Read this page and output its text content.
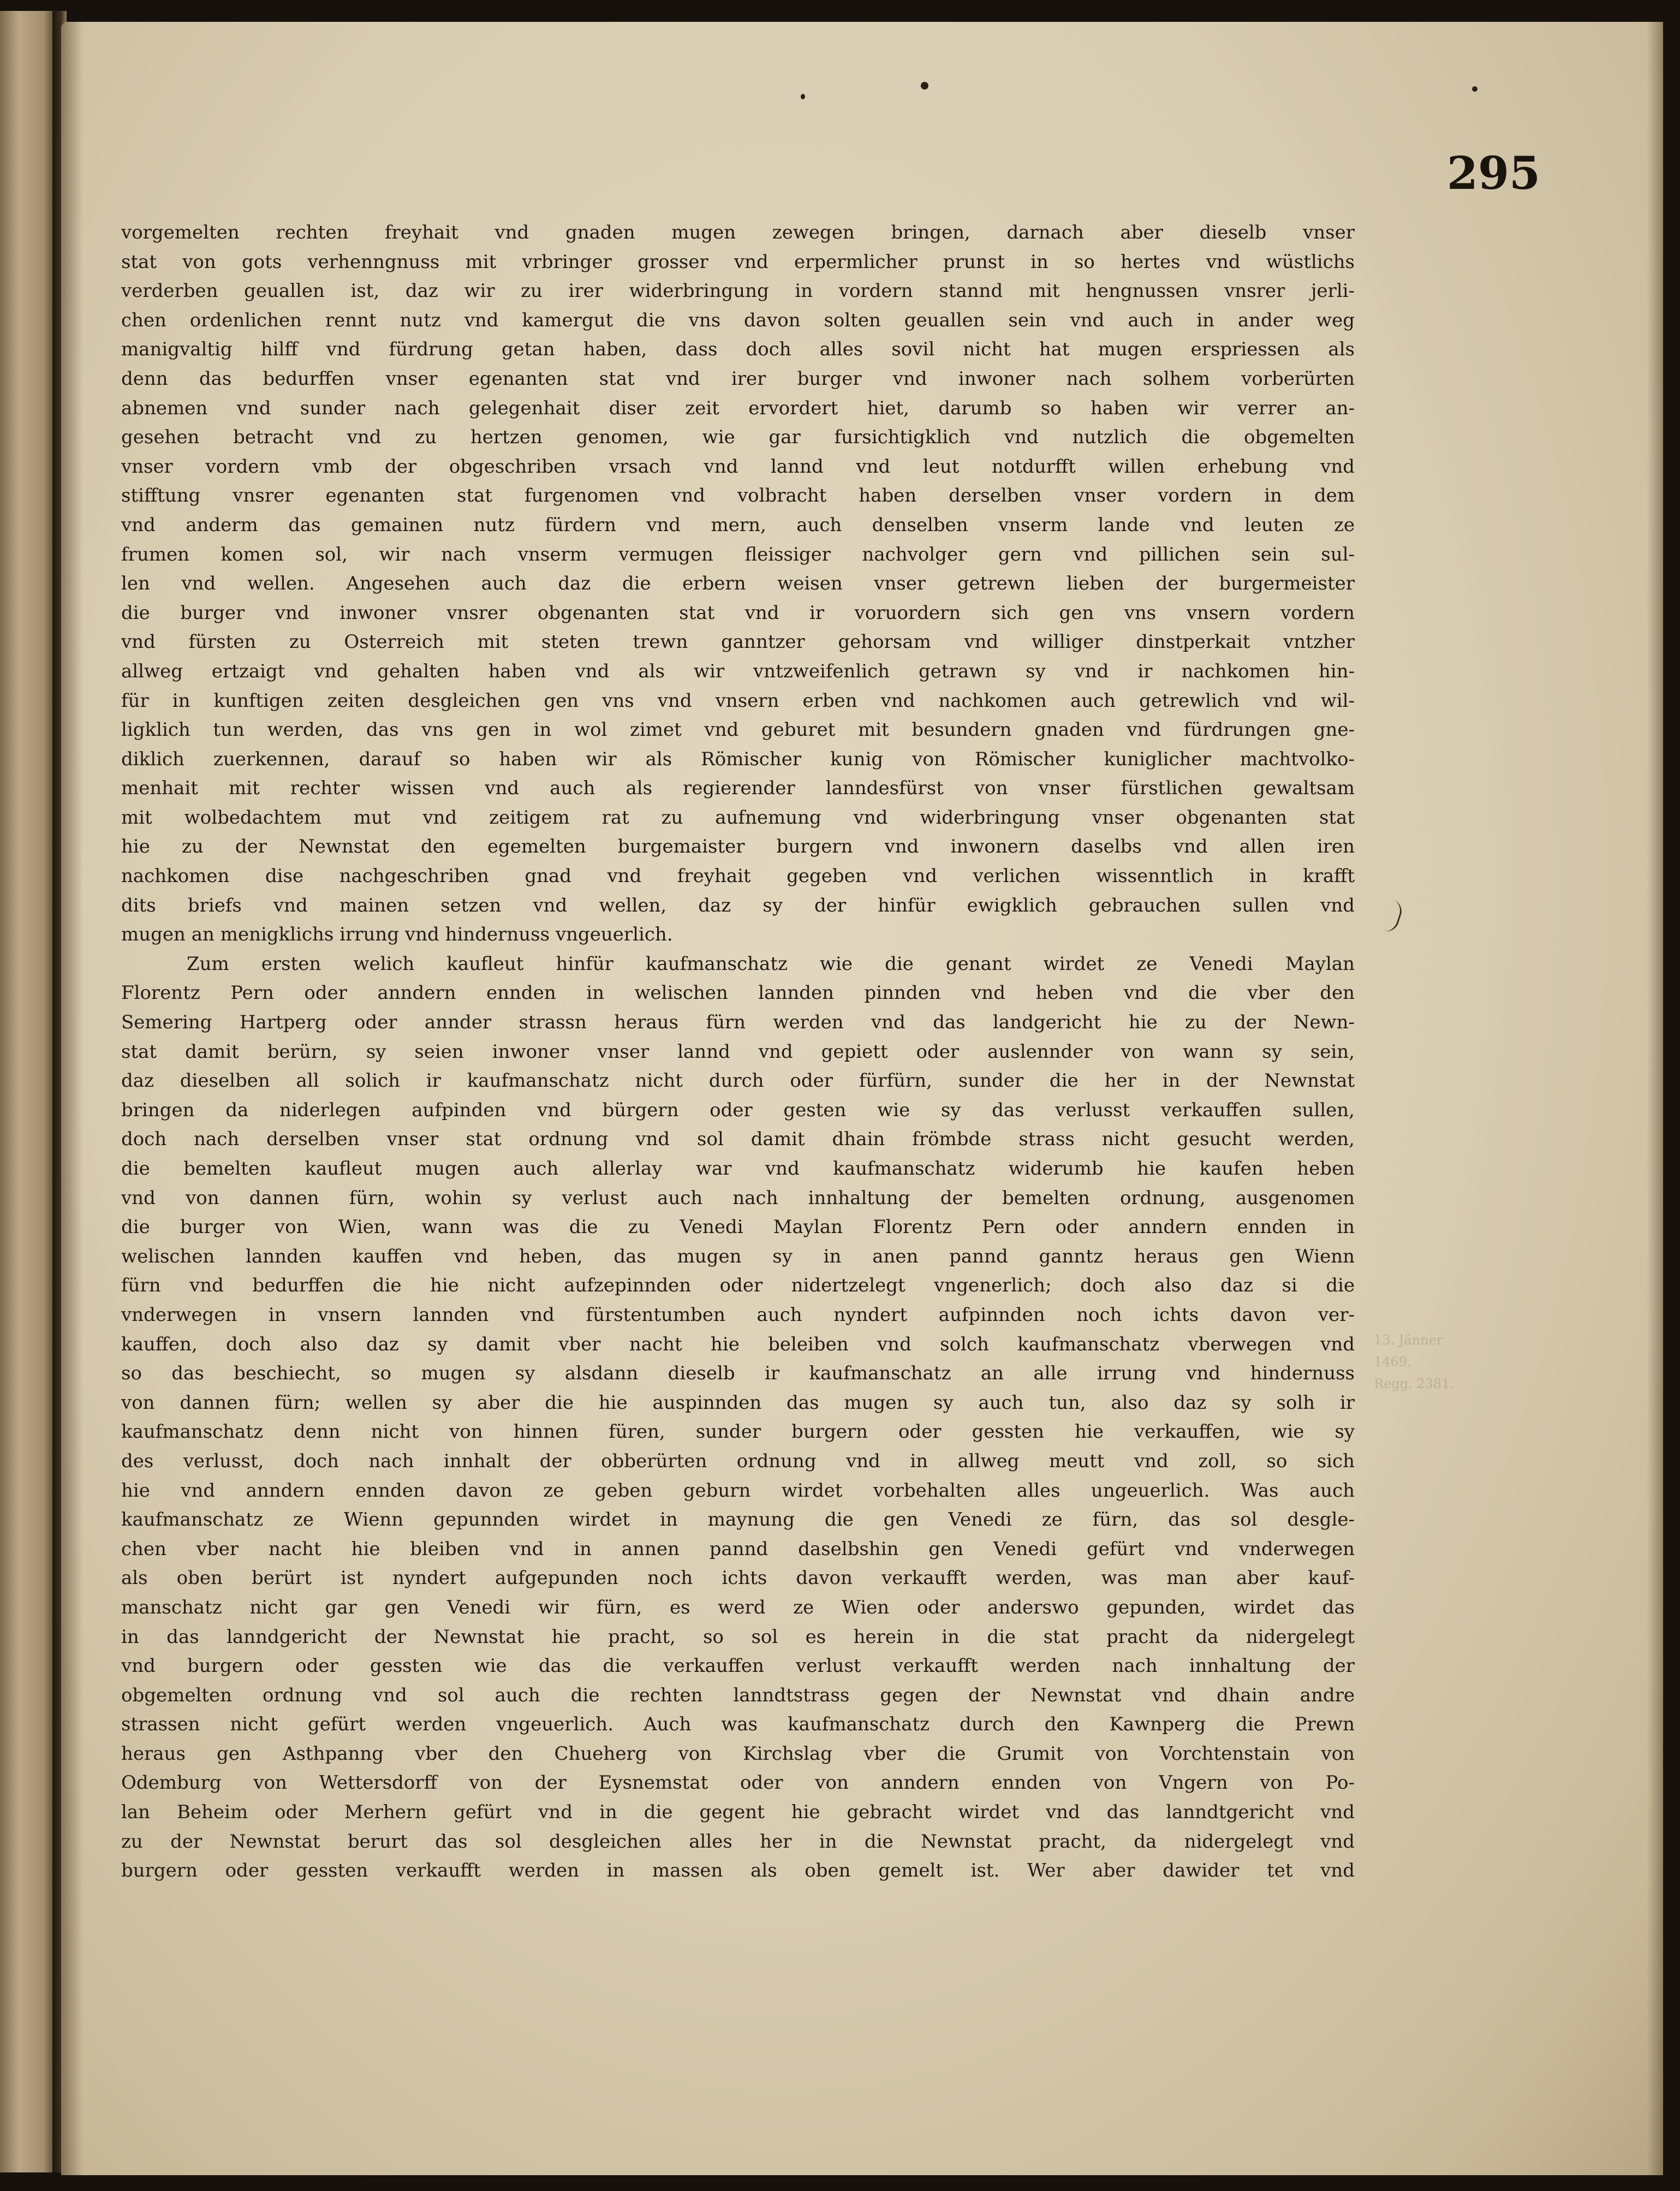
295
vorgemelten rechten freyhait vnd gnaden mugen zewegen bringen, darnach aber dieselb vnser
stat von gots verhenngnuss mit vrbringer grosser vnd erpermlicher prunst in so hertes vnd wüstlichs
verderben geuallen ist, daz wir zu irer widerbringung in vordern stannd mit hengnussen vnsrer jerli-
chen ordenlichen rennt nutz vnd kamergut die vns davon solten geuallen sein vnd auch in ander weg
manigvaltig hilff vnd fürdrung getan haben, dass doch alles sovil nicht hat mugen erspriessen als
denn das bedurffen vnser egenanten stat vnd irer burger vnd inwoner nach solhem vorberürten
abnemen vnd sunder nach gelegenhait diser zeit ervordert hiet, darumb so haben wir verrer an-
gesehen betracht vnd zu hertzen genomen, wie gar fursichtigklich vnd nutzlich die obgemelten
vnser vordern vmb der obgeschriben vrsach vnd lannd vnd leut notdurfft willen erhebung vnd
stifftung vnsrer egenanten stat furgenomen vnd volbracht haben derselben vnser vordern in dem
vnd anderm das gemainen nutz fürdern vnd mern, auch denselben vnserm lande vnd leuten ze
frumen komen sol, wir nach vnserm vermugen fleissiger nachvolger gern vnd pillichen sein sul-
len vnd wellen. Angesehen auch daz die erbern weisen vnser getrewn lieben der burgermeister
die burger vnd inwoner vnsrer obgenanten stat vnd ir voruordern sich gen vns vnsern vordern
vnd fürsten zu Osterreich mit steten trewn ganntzer gehorsam vnd williger dinstperkait vntzher
allweg ertzaigt vnd gehalten haben vnd als wir vntzweifenlich getrawn sy vnd ir nachkomen hin-
für in kunftigen zeiten desgleichen gen vns vnd vnsern erben vnd nachkomen auch getrewlich vnd wil-
ligklich tun werden, das vns gen in wol zimet vnd geburet mit besundern gnaden vnd fürdrungen gne-
diklich zuerkennen, darauf so haben wir als Römischer kunig von Römischer kuniglicher machtvolko-
menhait mit rechter wissen vnd auch als regierender lanndesfürst von vnser fürstlichen gewaltsam
mit wolbedachtem mut vnd zeitigem rat zu aufnemung vnd widerbringung vnser obgenanten stat
hie zu der Newnstat den egemelten burgemaister burgern vnd inwonern daselbs vnd allen iren
nachkomen dise nachgeschriben gnad vnd freyhait gegeben vnd verlichen wissenntlich in krafft
dits briefs vnd mainen setzen vnd wellen, daz sy der hinfür ewigklich gebrauchen sullen vnd
mugen an menigklichs irrung vnd hindernuss vngeuerlich.
Zum ersten welich kaufleut hinfür kaufmanschatz wie die genant wirdet ze Venedi Maylan
Florentz Pern oder anndern ennden in welischen lannden pinnden vnd heben vnd die vber den
Semering Hartperg oder annder strassn heraus fürn werden vnd das landgericht hie zu der Newn-
stat damit berürn, sy seien inwoner vnser lannd vnd gepiett oder auslennder von wann sy sein,
daz dieselben all solich ir kaufmanschatz nicht durch oder fürfürn, sunder die her in der Newnstat
bringen da niderlegen aufpinden vnd bürgern oder gesten wie sy das verlusst verkauffen sullen,
doch nach derselben vnser stat ordnung vnd sol damit dhain frömbde strass nicht gesucht werden,
die bemelten kaufleut mugen auch allerlay war vnd kaufmanschatz widerumb hie kaufen heben
vnd von dannen fürn, wohin sy verlust auch nach innhaltung der bemelten ordnung, ausgenomen
die burger von Wien, wann was die zu Venedi Maylan Florentz Pern oder anndern ennden in
welischen lannden kauffen vnd heben, das mugen sy in anen pannd ganntz heraus gen Wienn
fürn vnd bedurffen die hie nicht aufzepinnden oder nidertzelegt vngenerlich; doch also daz si die
vnderwegen in vnsern lannden vnd fürstentumben auch nyndert aufpinnden noch ichts davon ver-
kauffen, doch also daz sy damit vber nacht hie beleiben vnd solch kaufmanschatz vberwegen vnd
so das beschiecht, so mugen sy alsdann dieselb ir kaufmanschatz an alle irrung vnd hindernuss
von dannen fürn; wellen sy aber die hie auspinnden das mugen sy auch tun, also daz sy solh ir
kaufmanschatz denn nicht von hinnen füren, sunder burgern oder gessten hie verkauffen, wie sy
des verlusst, doch nach innhalt der obberürten ordnung vnd in allweg meutt vnd zoll, so sich
hie vnd anndern ennden davon ze geben geburn wirdet vorbehalten alles ungeuerlich. Was auch
kaufmanschatz ze Wienn gepunnden wirdet in maynung die gen Venedi ze fürn, das sol desgle-
chen vber nacht hie bleiben vnd in annen pannd daselbshin gen Venedi gefürt vnd vnderwegen
als oben berürt ist nyndert aufgepunden noch ichts davon verkaufft werden, was man aber kauf-
manschatz nicht gar gen Venedi wir fürn, es werd ze Wien oder anderswo gepunden, wirdet das
in das lanndgericht der Newnstat hie pracht, so sol es herein in die stat pracht da nidergelegt
vnd burgern oder gessten wie das die verkauffen verlust verkaufft werden nach innhaltung der
obgemelten ordnung vnd sol auch die rechten lanndtstrass gegen der Newnstat vnd dhain andre
strassen nicht gefürt werden vngeuerlich. Auch was kaufmanschatz durch den Kawnperg die Prewn
heraus gen Asthpanng vber den Chueherg von Kirchslag vber die Grumit von Vorchtenstain von
Odemburg von Wettersdorff von der Eysnemstat oder von anndern ennden von Vngern von Po-
lan Beheim oder Merhern gefürt vnd in die gegent hie gebracht wirdet vnd das lanndtgericht vnd
zu der Newnstat berurt das sol desgleichen alles her in die Newnstat pracht, da nidergelegt vnd
burgern oder gessten verkaufft werden in massen als oben gemelt ist. Wer aber dawider tet vnd
13. Jänner
1469.
Regg. 2381.
